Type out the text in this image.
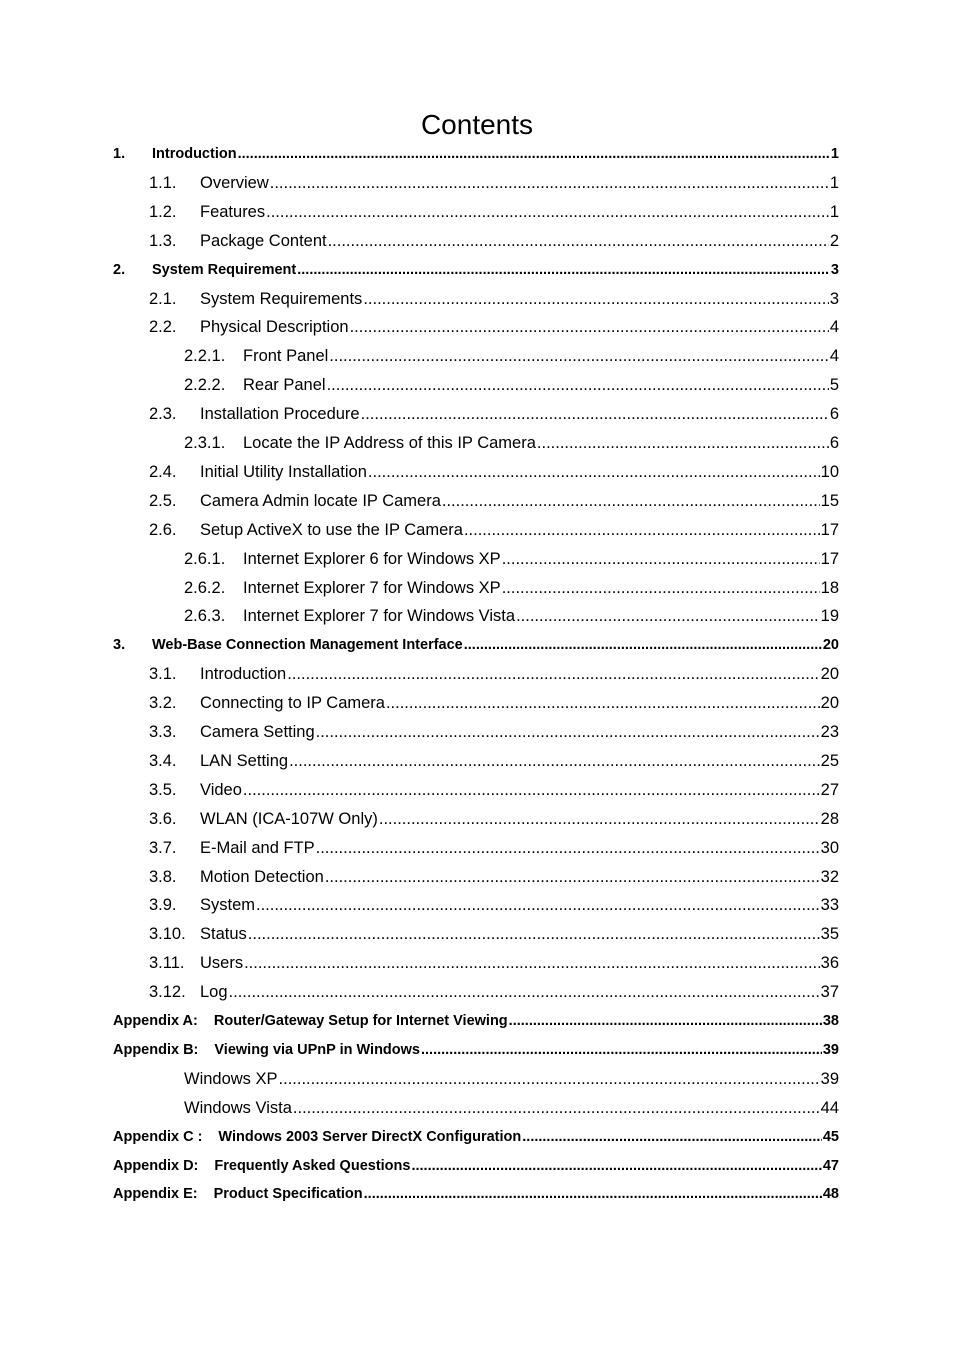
Contents
1.	Introduction .....	1
1.1.	Overview .....	1
1.2.	Features .....	1
1.3.	Package Content .....	2
2.	System Requirement .....	3
2.1.	System Requirements .....	3
2.2.	Physical Description .....	4
2.2.1.	Front Panel .....	4
2.2.2.	Rear Panel .....	5
2.3.	Installation Procedure .....	6
2.3.1.	Locate the IP Address of this IP Camera .....	6
2.4.	Initial Utility Installation .....	10
2.5.	Camera Admin locate IP Camera .....	15
2.6.	Setup ActiveX to use the IP Camera .....	17
2.6.1.	Internet Explorer 6 for Windows XP .....	17
2.6.2.	Internet Explorer 7 for Windows XP .....	18
2.6.3.	Internet Explorer 7 for Windows Vista .....	19
3.	Web-Base Connection Management Interface .....	20
3.1.	Introduction .....	20
3.2.	Connecting to IP Camera .....	20
3.3.	Camera Setting .....	23
3.4.	LAN Setting .....	25
3.5.	Video .....	27
3.6.	WLAN (ICA-107W Only) .....	28
3.7.	E-Mail and FTP .....	30
3.8.	Motion Detection .....	32
3.9.	System .....	33
3.10. Status .....	35
3.11. Users .....	36
3.12. Log .....	37
Appendix A:	Router/Gateway Setup for Internet Viewing .....	38
Appendix B:	Viewing via UPnP in Windows .....	39
Windows XP .....	39
Windows Vista .....	44
Appendix C :	Windows 2003 Server DirectX Configuration .....	45
Appendix D:	Frequently Asked Questions .....	47
Appendix E:	Product Specification .....	48
